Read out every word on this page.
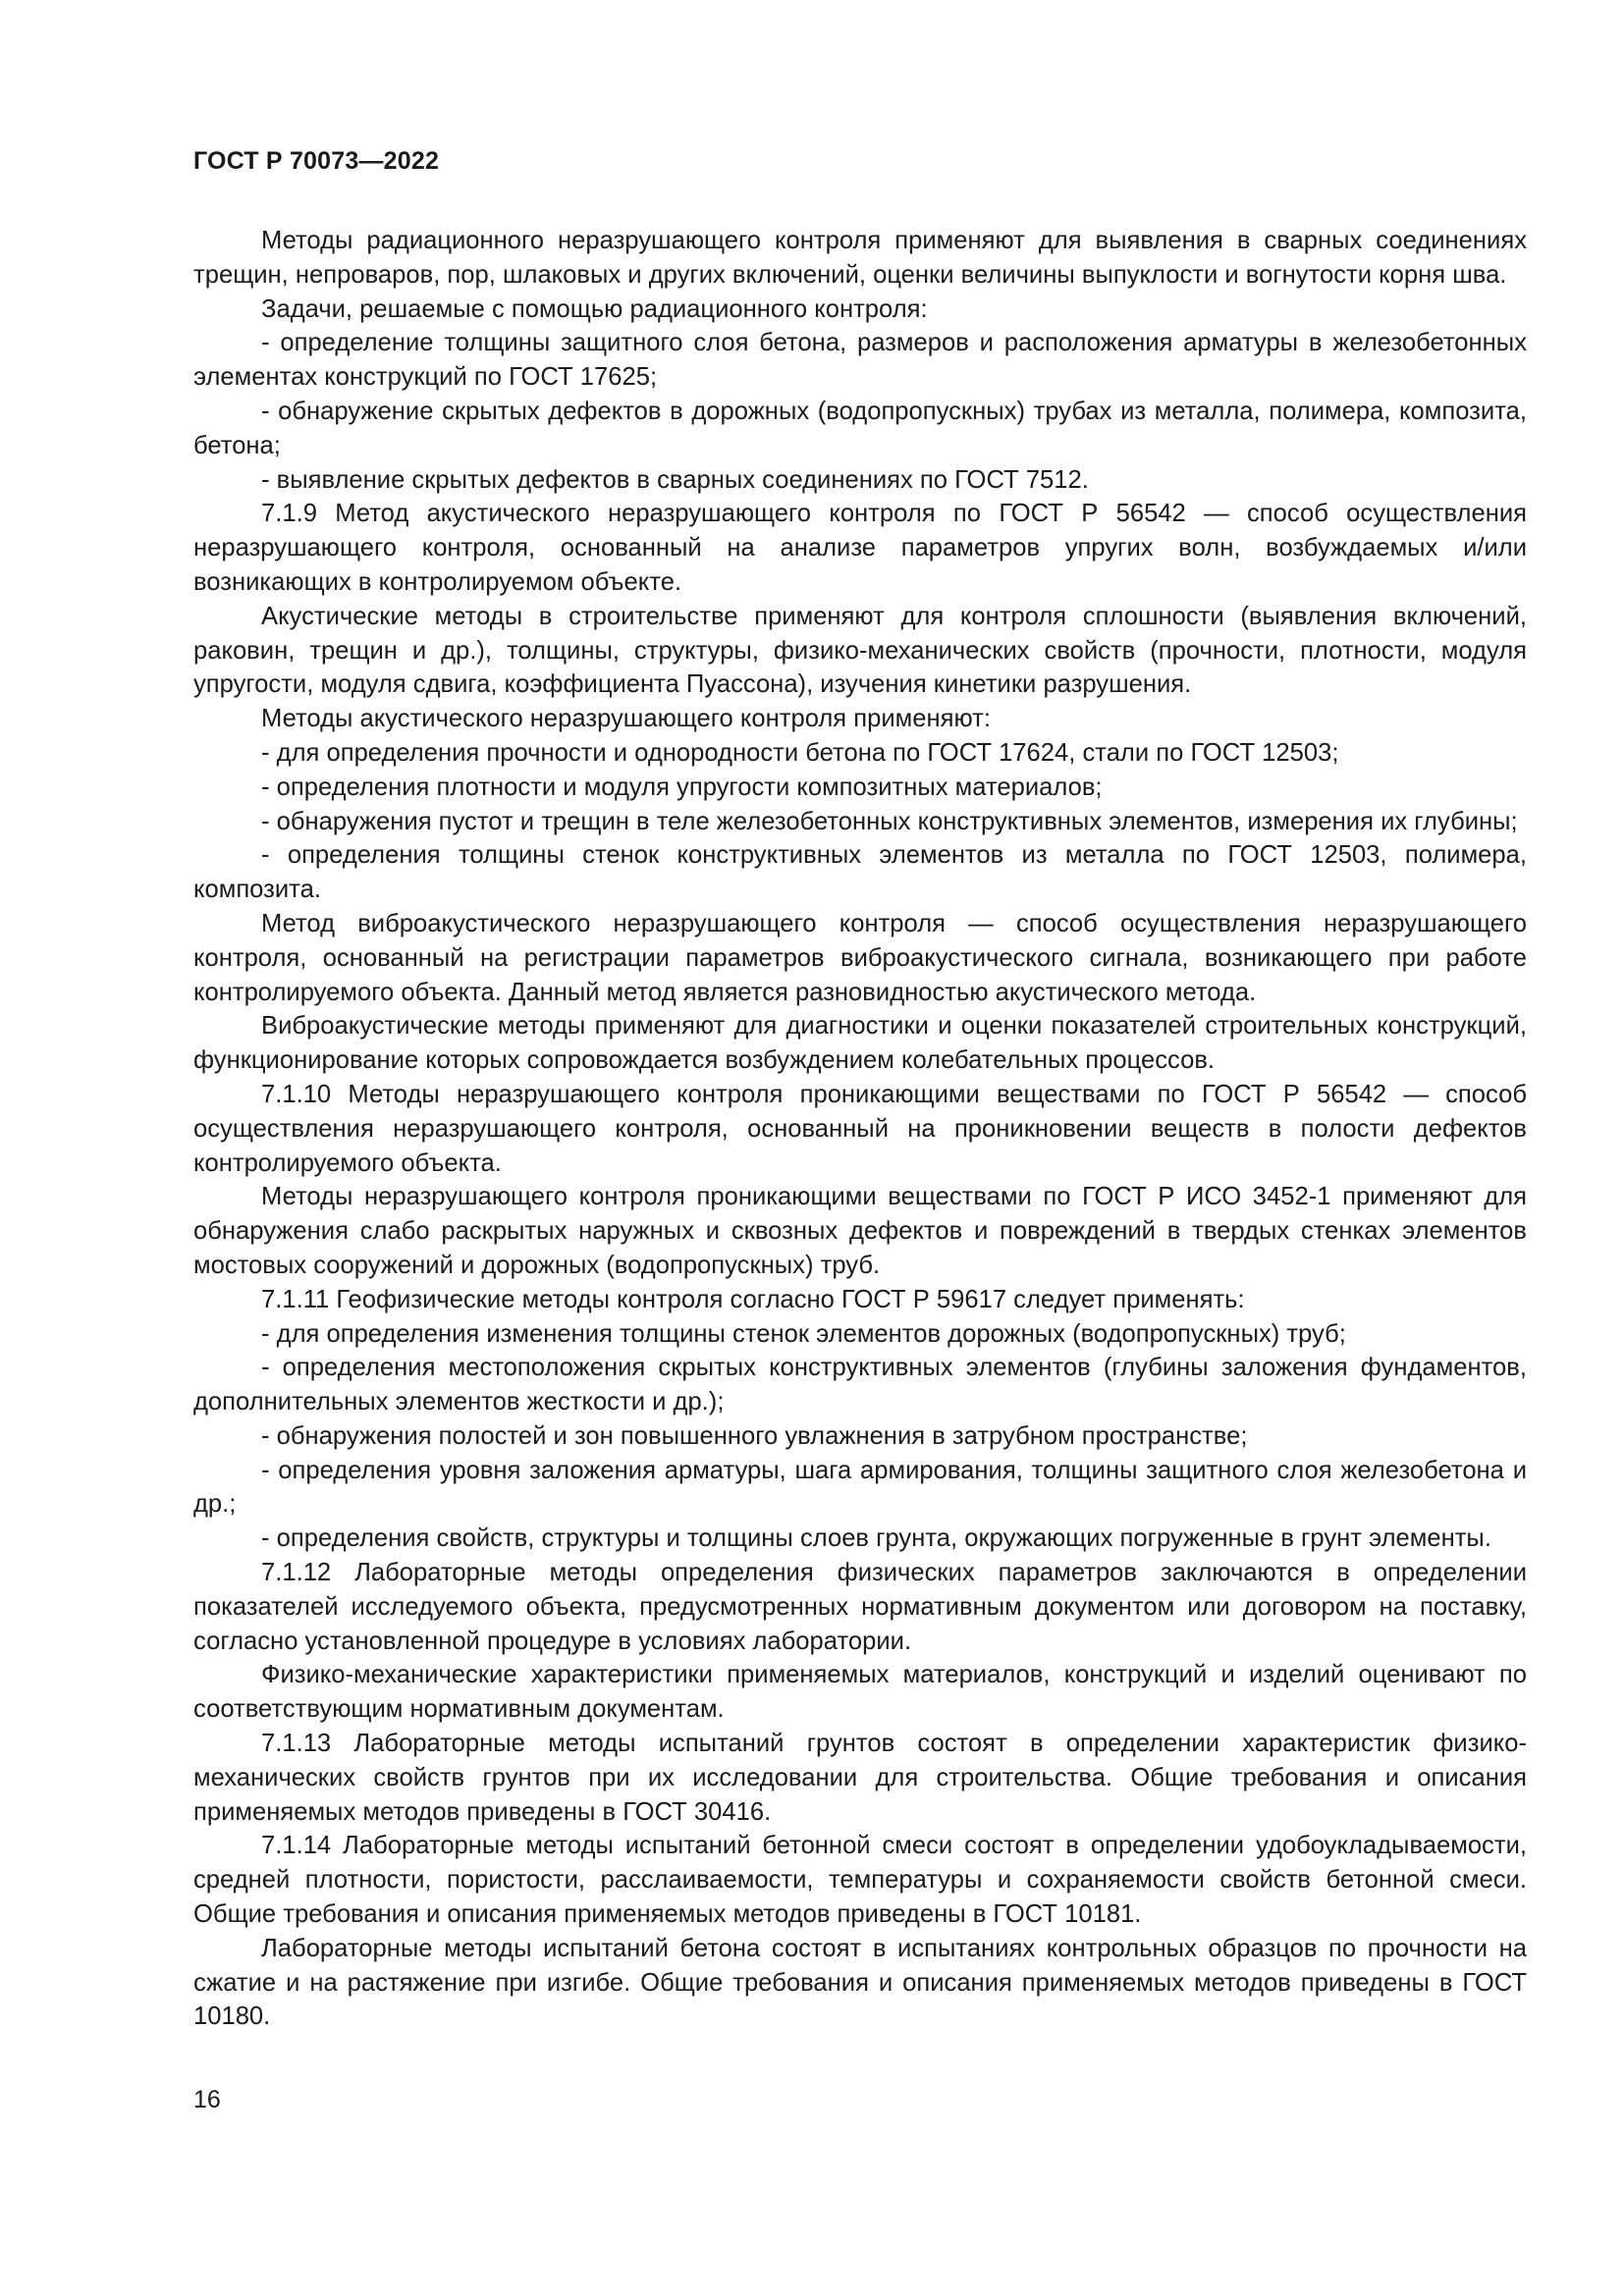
ГОСТ Р 70073—2022

Методы радиационного неразрушающего контроля применяют для выявления в сварных соединениях трещин, непроваров, пор, шлаковых и других включений, оценки величины выпуклости и вогнутости корня шва.

Задачи, решаемые с помощью радиационного контроля:

- определение толщины защитного слоя бетона, размеров и расположения арматуры в железобетонных элементах конструкций по ГОСТ 17625;

- обнаружение скрытых дефектов в дорожных (водопропускных) трубах из металла, полимера, композита, бетона;

- выявление скрытых дефектов в сварных соединениях по ГОСТ 7512.

7.1.9 Метод акустического неразрушающего контроля по ГОСТ Р 56542 — способ осуществления неразрушающего контроля, основанный на анализе параметров упругих волн, возбуждаемых и/или возникающих в контролируемом объекте.

Акустические методы в строительстве применяют для контроля сплошности (выявления включений, раковин, трещин и др.), толщины, структуры, физико-механических свойств (прочности, плотности, модуля упругости, модуля сдвига, коэффициента Пуассона), изучения кинетики разрушения.

Методы акустического неразрушающего контроля применяют:

- для определения прочности и однородности бетона по ГОСТ 17624, стали по ГОСТ 12503;

- определения плотности и модуля упругости композитных материалов;

- обнаружения пустот и трещин в теле железобетонных конструктивных элементов, измерения их глубины;

- определения толщины стенок конструктивных элементов из металла по ГОСТ 12503, полимера, композита.

Метод виброакустического неразрушающего контроля — способ осуществления неразрушающего контроля, основанный на регистрации параметров виброакустического сигнала, возникающего при работе контролируемого объекта. Данный метод является разновидностью акустического метода.

Виброакустические методы применяют для диагностики и оценки показателей строительных конструкций, функционирование которых сопровождается возбуждением колебательных процессов.

7.1.10 Методы неразрушающего контроля проникающими веществами по ГОСТ Р 56542 — способ осуществления неразрушающего контроля, основанный на проникновении веществ в полости дефектов контролируемого объекта.

Методы неразрушающего контроля проникающими веществами по ГОСТ Р ИСО 3452-1 применяют для обнаружения слабо раскрытых наружных и сквозных дефектов и повреждений в твердых стенках элементов мостовых сооружений и дорожных (водопропускных) труб.

7.1.11 Геофизические методы контроля согласно ГОСТ Р 59617 следует применять:

- для определения изменения толщины стенок элементов дорожных (водопропускных) труб;

- определения местоположения скрытых конструктивных элементов (глубины заложения фундаментов, дополнительных элементов жесткости и др.);

- обнаружения полостей и зон повышенного увлажнения в затрубном пространстве;

- определения уровня заложения арматуры, шага армирования, толщины защитного слоя железобетона и др.;

- определения свойств, структуры и толщины слоев грунта, окружающих погруженные в грунт элементы.

7.1.12 Лабораторные методы определения физических параметров заключаются в определении показателей исследуемого объекта, предусмотренных нормативным документом или договором на поставку, согласно установленной процедуре в условиях лаборатории.

Физико-механические характеристики применяемых материалов, конструкций и изделий оценивают по соответствующим нормативным документам.

7.1.13 Лабораторные методы испытаний грунтов состоят в определении характеристик физико-механических свойств грунтов при их исследовании для строительства. Общие требования и описания применяемых методов приведены в ГОСТ 30416.

7.1.14 Лабораторные методы испытаний бетонной смеси состоят в определении удобоукладываемости, средней плотности, пористости, расслаиваемости, температуры и сохраняемости свойств бетонной смеси. Общие требования и описания применяемых методов приведены в ГОСТ 10181.

Лабораторные методы испытаний бетона состоят в испытаниях контрольных образцов по прочности на сжатие и на растяжение при изгибе. Общие требования и описания применяемых методов приведены в ГОСТ 10180.

16
